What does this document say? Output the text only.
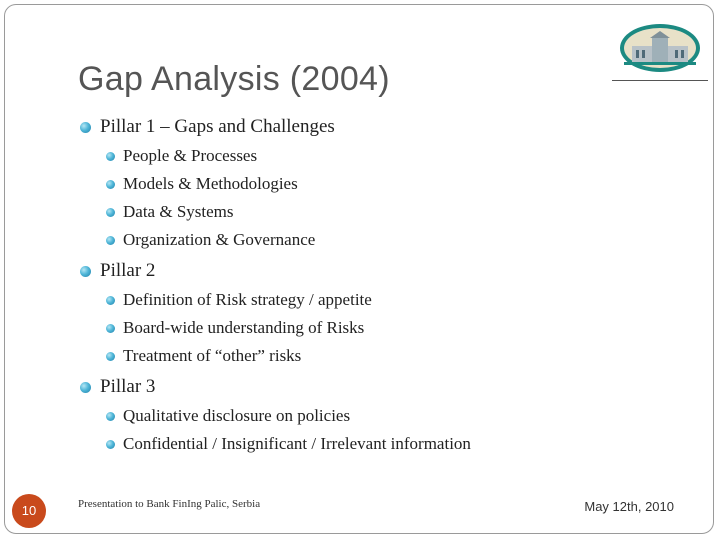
Gap Analysis (2004)
Pillar 1 – Gaps and Challenges
People & Processes
Models & Methodologies
Data & Systems
Organization & Governance
Pillar 2
Definition of Risk strategy / appetite
Board-wide understanding of Risks
Treatment of “other” risks
Pillar 3
Qualitative disclosure on policies
Confidential / Insignificant / Irrelevant information
10	Presentation to Bank FinIng Palic, Serbia	May 12th, 2010
